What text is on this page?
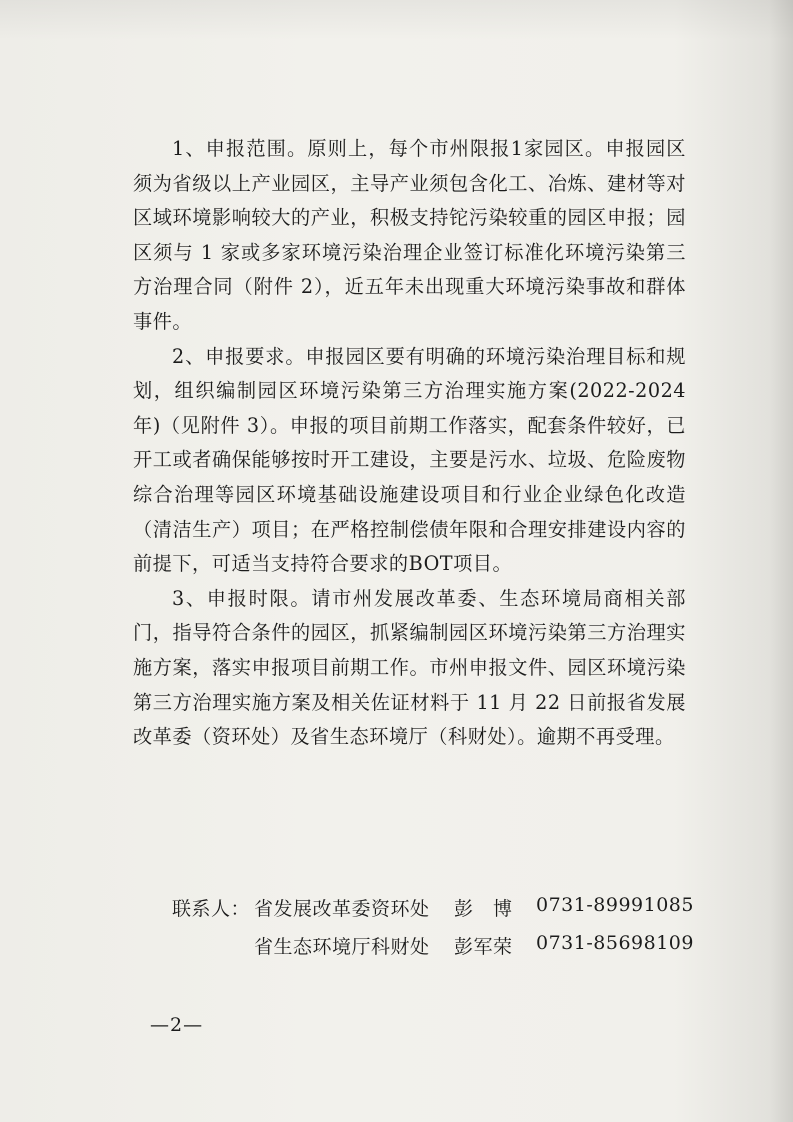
1、申报范围。原则上，每个市州限报1家园区。申报园区须为省级以上产业园区，主导产业须包含化工、冶炼、建材等对区域环境影响较大的产业，积极支持铊污染较重的园区申报；园区须与 1 家或多家环境污染治理企业签订标准化环境污染第三方治理合同（附件 2），近五年未出现重大环境污染事故和群体事件。

2、申报要求。申报园区要有明确的环境污染治理目标和规划，组织编制园区环境污染第三方治理实施方案(2022-2024 年)（见附件 3）。申报的项目前期工作落实，配套条件较好，已开工或者确保能够按时开工建设，主要是污水、垃圾、危险废物综合治理等园区环境基础设施建设项目和行业企业绿色化改造（清洁生产）项目；在严格控制偿债年限和合理安排建设内容的前提下，可适当支持符合要求的BOT项目。

3、申报时限。请市州发展改革委、生态环境局商相关部门，指导符合条件的园区，抓紧编制园区环境污染第三方治理实施方案，落实申报项目前期工作。市州申报文件、园区环境污染第三方治理实施方案及相关佐证材料于 11 月 22 日前报省发展改革委（资环处）及省生态环境厅（科财处）。逾期不再受理。

联系人： 省发展改革委资环处 彭　博 0731-89991085
省生态环境厅科财处 彭军荣 0731-85698109
—2—
